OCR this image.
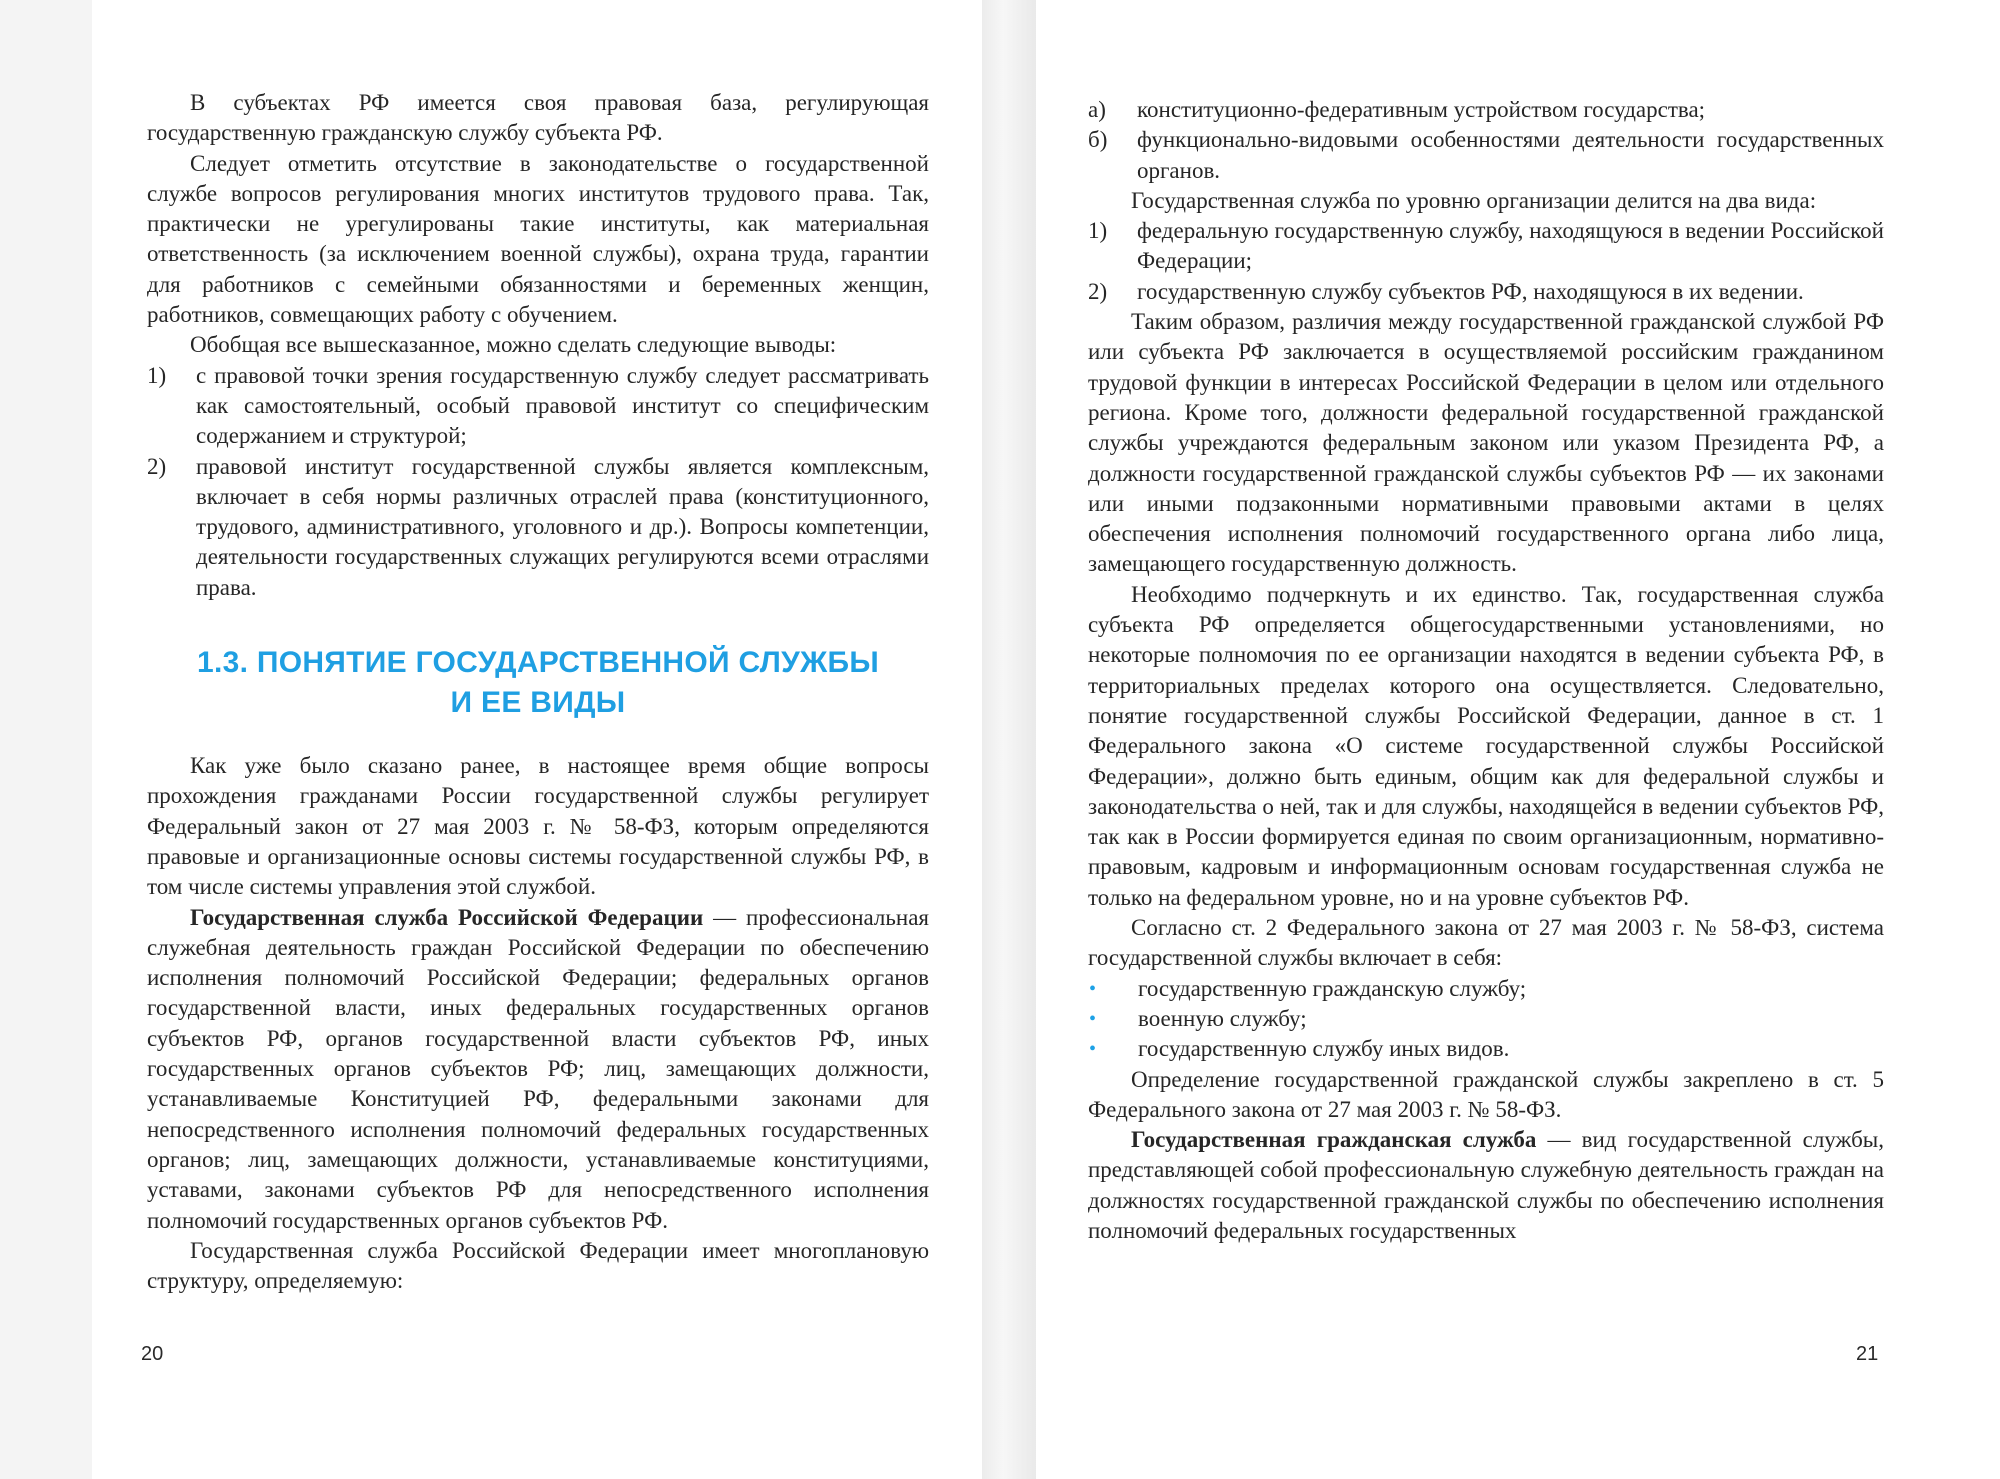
В субъектах РФ имеется своя правовая база, регулирующая государственную гражданскую службу субъекта РФ.

Следует отметить отсутствие в законодательстве о государственной службе вопросов регулирования многих институтов трудового права. Так, практически не урегулированы такие институты, как материальная ответственность (за исключением военной службы), охрана труда, гарантии для работников с семейными обязанностями и беременных женщин, работников, совмещающих работу с обучением.

Обобщая все вышесказанное, можно сделать следующие выводы:

1)	с правовой точки зрения государственную службу следует рассматривать как самостоятельный, особый правовой институт со специфическим содержанием и структурой;
2)	правовой институт государственной службы является комплексным, включает в себя нормы различных отраслей права (конституционного, трудового, административного, уголовного и др.). Вопросы компетенции, деятельности государственных служащих регулируются всеми отраслями права.
1.3. ПОНЯТИЕ ГОСУДАРСТВЕННОЙ СЛУЖБЫ
И ЕЕ ВИДЫ

Как уже было сказано ранее, в настоящее время общие вопросы прохождения гражданами России государственной службы регулирует Федеральный закон от 27 мая 2003 г. № 58-ФЗ, которым определяются правовые и организационные основы системы государственной службы РФ, в том числе системы управления этой службой.

Государственная служба Российской Федерации — профессиональная служебная деятельность граждан Российской Федерации по обеспечению исполнения полномочий Российской Федерации; федеральных органов государственной власти, иных федеральных государственных органов субъектов РФ, органов государственной власти субъектов РФ, иных государственных органов субъектов РФ; лиц, замещающих должности, устанавливаемые Конституцией РФ, федеральными законами для непосредственного исполнения полномочий федеральных государственных органов; лиц, замещающих должности, устанавливаемые конституциями, уставами, законами субъектов РФ для непосредственного исполнения полномочий государственных органов субъектов РФ.

Государственная служба Российской Федерации имеет многоплановую структуру, определяемую:

20
а)	конституционно-федеративным устройством государства;
б)	функционально-видовыми особенностями деятельности государственных органов.

Государственная служба по уровню организации делится на два вида:

1)	федеральную государственную службу, находящуюся в ведении Российской Федерации;
2)	государственную службу субъектов РФ, находящуюся в их ведении.

Таким образом, различия между государственной гражданской службой РФ или субъекта РФ заключается в осуществляемой российским гражданином трудовой функции в интересах Российской Федерации в целом или отдельного региона. Кроме того, должности федеральной государственной гражданской службы учреждаются федеральным законом или указом Президента РФ, а должности государственной гражданской службы субъектов РФ — их законами или иными подзаконными нормативными правовыми актами в целях обеспечения исполнения полномочий государственного органа либо лица, замещающего государственную должность.

Необходимо подчеркнуть и их единство. Так, государственная служба субъекта РФ определяется общегосударственными установлениями, но некоторые полномочия по ее организации находятся в ведении субъекта РФ, в территориальных пределах которого она осуществляется. Следовательно, понятие государственной службы Российской Федерации, данное в ст. 1 Федерального закона «О системе государственной службы Российской Федерации», должно быть единым, общим как для федеральной службы и законодательства о ней, так и для службы, находящейся в ведении субъектов РФ, так как в России формируется единая по своим организационным, нормативно-правовым, кадровым и информационным основам государственная служба не только на федеральном уровне, но и на уровне субъектов РФ.

Согласно ст. 2 Федерального закона от 27 мая 2003 г. № 58-ФЗ, система государственной службы включает в себя:

•	государственную гражданскую службу;
•	военную службу;
•	государственную службу иных видов.

Определение государственной гражданской службы закреплено в ст. 5 Федерального закона от 27 мая 2003 г. № 58-ФЗ.

Государственная гражданская служба — вид государственной службы, представляющей собой профессиональную служебную деятельность граждан на должностях государственной гражданской службы по обеспечению исполнения полномочий федеральных государственных

21
